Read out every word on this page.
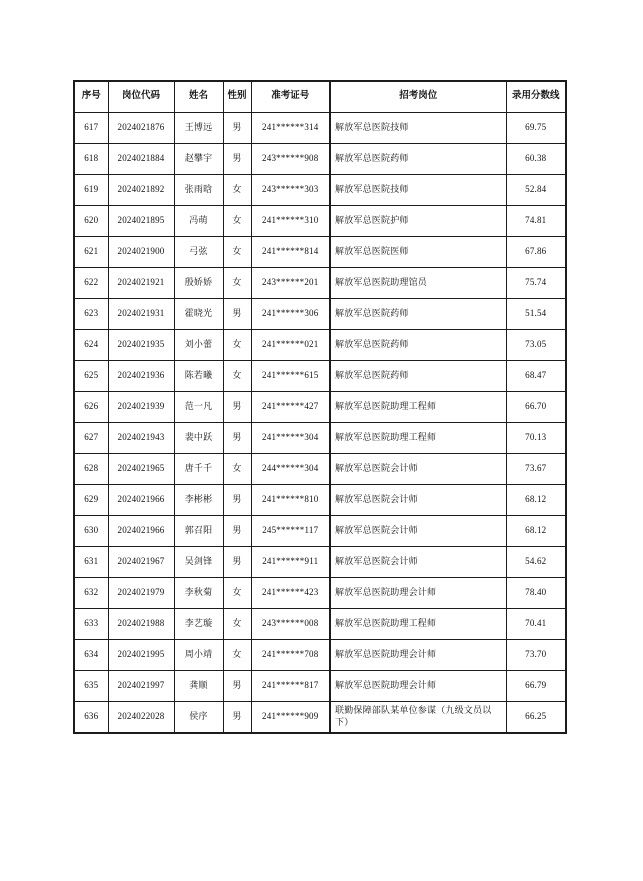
序号	岗位代码	姓名	性别	准考证号	招考岗位	录用分数线
617	2024021876	王博远	男	241******314	解放军总医院技师	69.75
618	2024021884	赵攀宇	男	243******908	解放军总医院药师	60.38
619	2024021892	张雨晗	女	243******303	解放军总医院技师	52.84
620	2024021895	冯萌	女	241******310	解放军总医院护师	74.81
621	2024021900	弓弦	女	241******814	解放军总医院医师	67.86
622	2024021921	殷娇娇	女	243******201	解放军总医院助理馆员	75.74
623	2024021931	霍晓光	男	241******306	解放军总医院药师	51.54
624	2024021935	刘小蕾	女	241******021	解放军总医院药师	73.05
625	2024021936	陈若曦	女	241******615	解放军总医院药师	68.47
626	2024021939	范一凡	男	241******427	解放军总医院助理工程师	66.70
627	2024021943	裴中跃	男	241******304	解放军总医院助理工程师	70.13
628	2024021965	唐千千	女	244******304	解放军总医院会计师	73.67
629	2024021966	李彬彬	男	241******810	解放军总医院会计师	68.12
630	2024021966	郭召阳	男	245******117	解放军总医院会计师	68.12
631	2024021967	吴剑锋	男	241******911	解放军总医院会计师	54.62
632	2024021979	李秋菊	女	241******423	解放军总医院助理会计师	78.40
633	2024021988	李艺璇	女	243******008	解放军总医院助理工程师	70.41
634	2024021995	周小靖	女	241******708	解放军总医院助理会计师	73.70
635	2024021997	龚顺	男	241******817	解放军总医院助理会计师	66.79
636	2024022028	侯序	男	241******909	联勤保障部队某单位参谋（九级文员以下）	66.25
